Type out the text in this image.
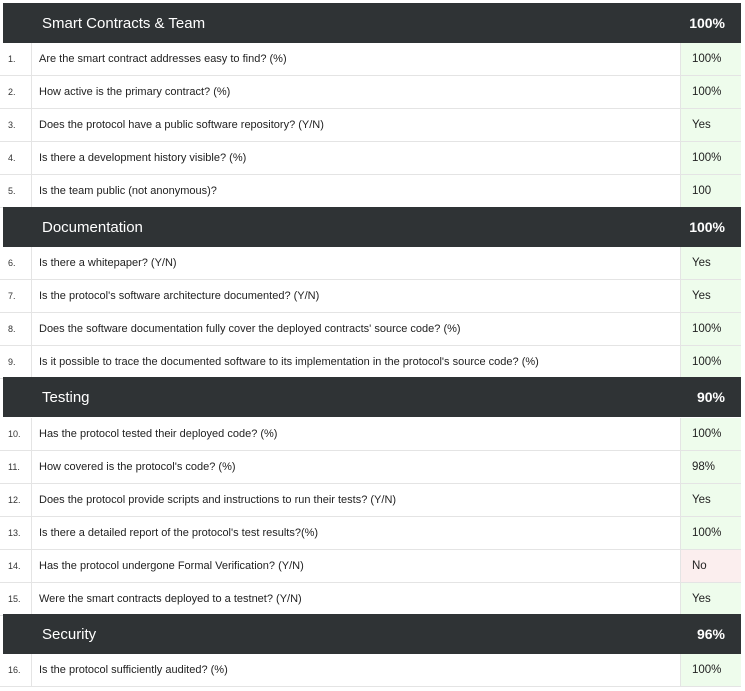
Smart Contracts & Team	100%
1.	Are the smart contract addresses easy to find? (%)	100%
2.	How active is the primary contract? (%)	100%
3.	Does the protocol have a public software repository? (Y/N)	Yes
4.	Is there a development history visible? (%)	100%
5.	Is the team public (not anonymous)?	100
Documentation	100%
6.	Is there a whitepaper? (Y/N)	Yes
7.	Is the protocol's software architecture documented? (Y/N)	Yes
8.	Does the software documentation fully cover the deployed contracts' source code? (%)	100%
9.	Is it possible to trace the documented software to its implementation in the protocol's source code? (%)	100%
Testing	90%
10.	Has the protocol tested their deployed code? (%)	100%
11.	How covered is the protocol's code? (%)	98%
12.	Does the protocol provide scripts and instructions to run their tests? (Y/N)	Yes
13.	Is there a detailed report of the protocol's test results?(%)	100%
14.	Has the protocol undergone Formal Verification? (Y/N)	No
15.	Were the smart contracts deployed to a testnet? (Y/N)	Yes
Security	96%
16.	Is the protocol sufficiently audited? (%)	100%
